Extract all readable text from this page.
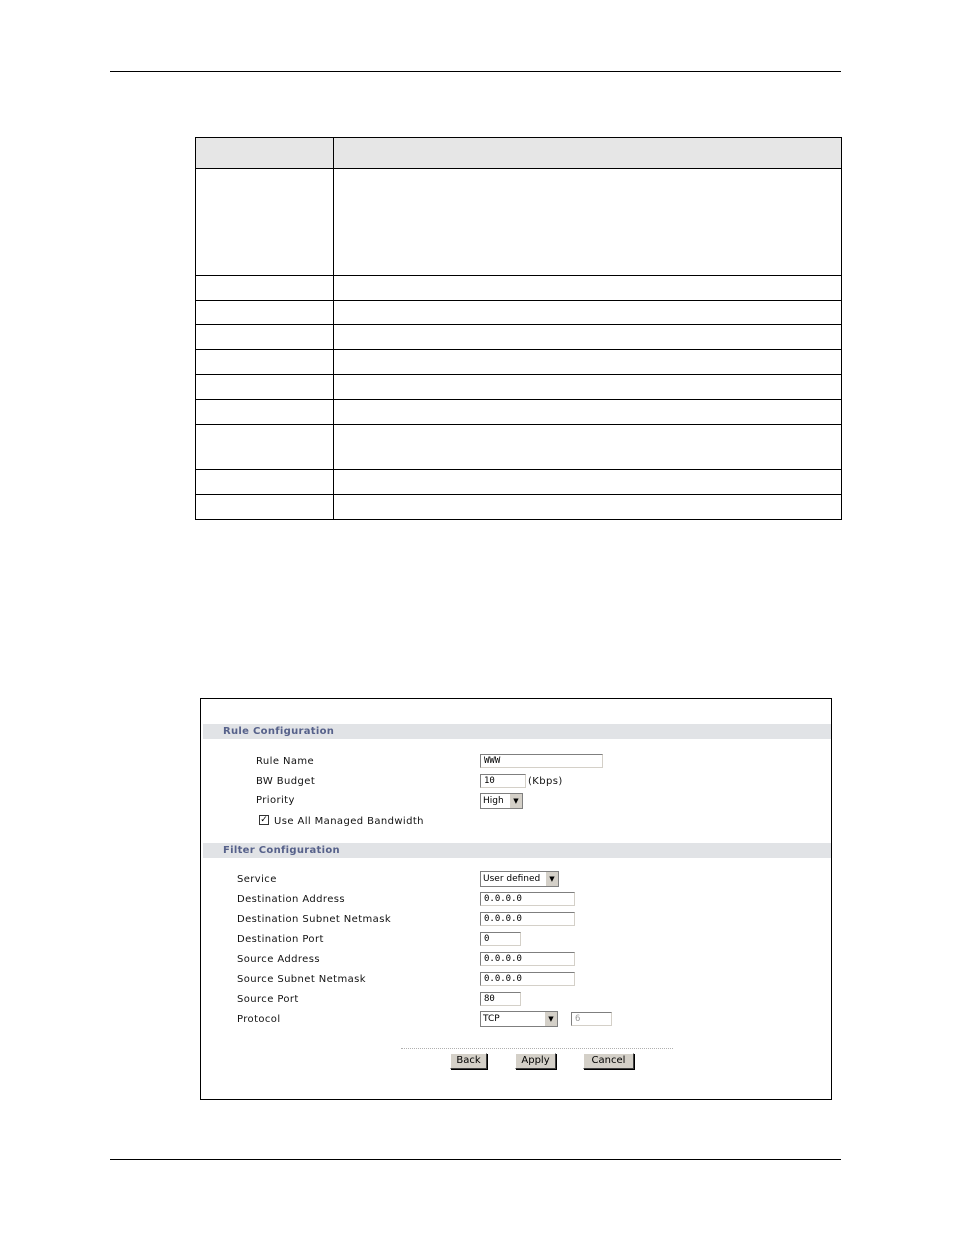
Rule Configuration
Rule Name	WWW
BW Budget	10	(Kbps)
Priority	High	▼
✓ Use All Managed Bandwidth
Filter Configuration
Service	User defined	▼
Destination Address	0.0.0.0
Destination Subnet Netmask	0.0.0.0
Destination Port	0
Source Address	0.0.0.0
Source Subnet Netmask	0.0.0.0
Source Port	80
Protocol	TCP	▼	6
Back	Apply	Cancel
